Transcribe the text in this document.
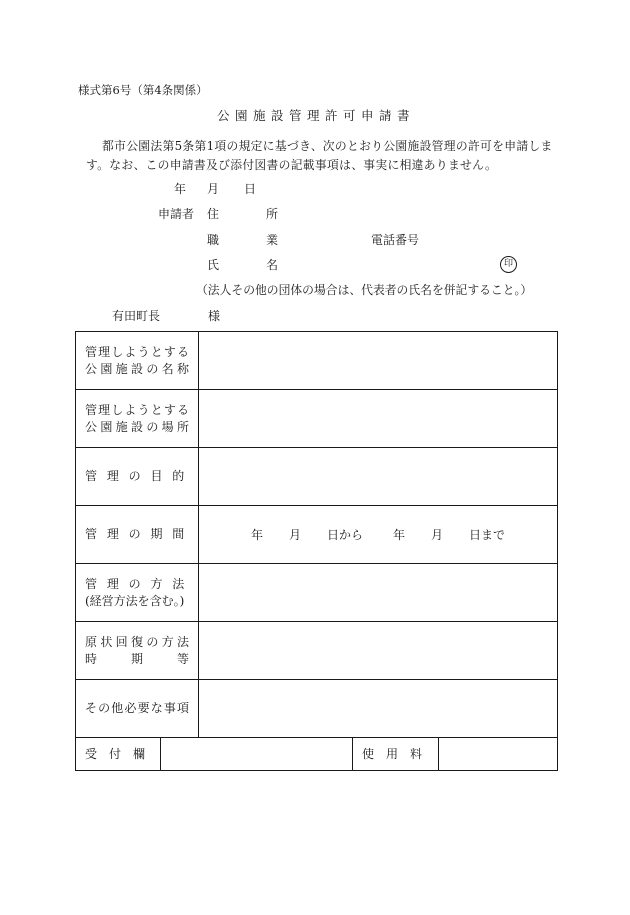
様式第6号（第4条関係）
公園施設管理許可申請書
都市公園法第5条第1項の規定に基づき、次のとおり公園施設管理の許可を申請します。なお、この申請書及び添付図書の記載事項は、事実に相違ありません。
年 月 日
申請者 住	所
職	業	電話番号
氏	名	印
（法人その他の団体の場合は、代表者の氏名を併記すること。）
有田町長	様
管理しようとする
公園施設の名称				

管理しようとする
公園施設の場所				

管 理 の 目 的				

管 理 の 期 間		年 月 日から 年 月 日まで		

管 理 の 方 法
(経営方法を含む。)				

原状回復の方法
時　　期　　等				

その他必要な事項				

受　付　欄			使　用　料	
